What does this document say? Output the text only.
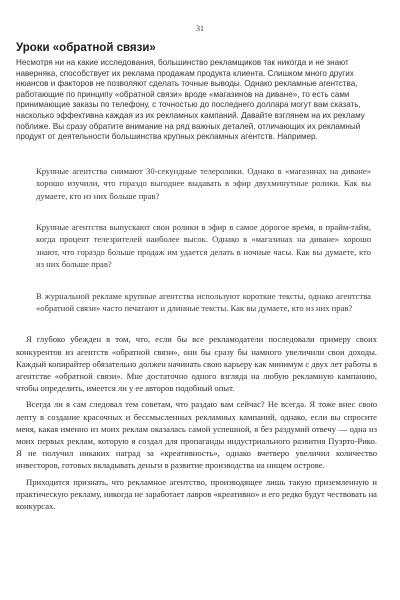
31
Уроки «обратной связи»

Несмотря ни на какие исследования, большинство рекламщиков так никогда и не знают наверняка, способствует их реклама продажам продукта клиента. Слишком много других нюансов и факторов не позволяют сделать точные выводы. Однако рекламные агентства, работающие по принципу «обратной связи» вроде «магазинов на диване», то есть сами принимающие заказы по телефону, с точностью до последнего доллара могут вам сказать, насколько эффективна каждая из их рекламных кампаний. Давайте взглянем на их рекламу поближе. Вы сразу обратите внимание на ряд важных деталей, отличающих их рекламный продукт от деятельности большинства крупных рекламных агентств. Например.

Крупные агентства снимают 30-секундные телеролики. Однако в «магазинах на диване» хорошо изучили, что гораздо выгоднее выдавать в эфир двухминутные ролики. Как вы думаете, кто из них больше прав?

Крупные агентства выпускают свои ролики в эфир в самое дорогое время, в прайм-тайм, когда процент телезрителей наиболее высок. Однако в «магазинах на диване» хорошо знают, что гораздо больше продаж им удается делать в ночные часы. Как вы думаете, кто из них больше прав?

В журнальной рекламе крупные агентства используют короткие тексты, однако агентства «обратной связи» часто печатают и длинные тексты. Как вы думаете, кто из них прав?

Я глубоко убежден в том, что, если бы все рекламодатели последовали примеру своих конкурентов из агентств «обратной связи», они бы сразу бы намного увеличили свои доходы. Каждый копирайтер обязательно должен начинать свою карьеру как минимум с двух лет работы в агентстве «обратной связи». Мне достаточно одного взгляда на любую рекламную кампанию, чтобы определить, имеется ли у ее авторов подобный опыт.

Всегда ли я сам следовал тем советам, что раздаю вам сейчас? Не всегда. Я тоже внес свою лепту в создание красочных и бессмысленных рекламных кампаний, однако, если вы спросите меня, какая именно из моих реклам оказалась самой успешной, я без раздумий отвечу — одна из моих первых реклам, которую я создал для пропаганды индустриального развития Пуэрто-Рико. Я не получил никаких наград за «креативность», однако вчетверо увеличил количество инвесторов, готовых вкладывать деньги в развитие производства на нищем острове.

Приходится признать, что рекламное агентство, производящее лишь такую приземленную и практическую рекламу, никогда не заработает лавров «креативно» и его редко будут чествовать на конкурсах.
